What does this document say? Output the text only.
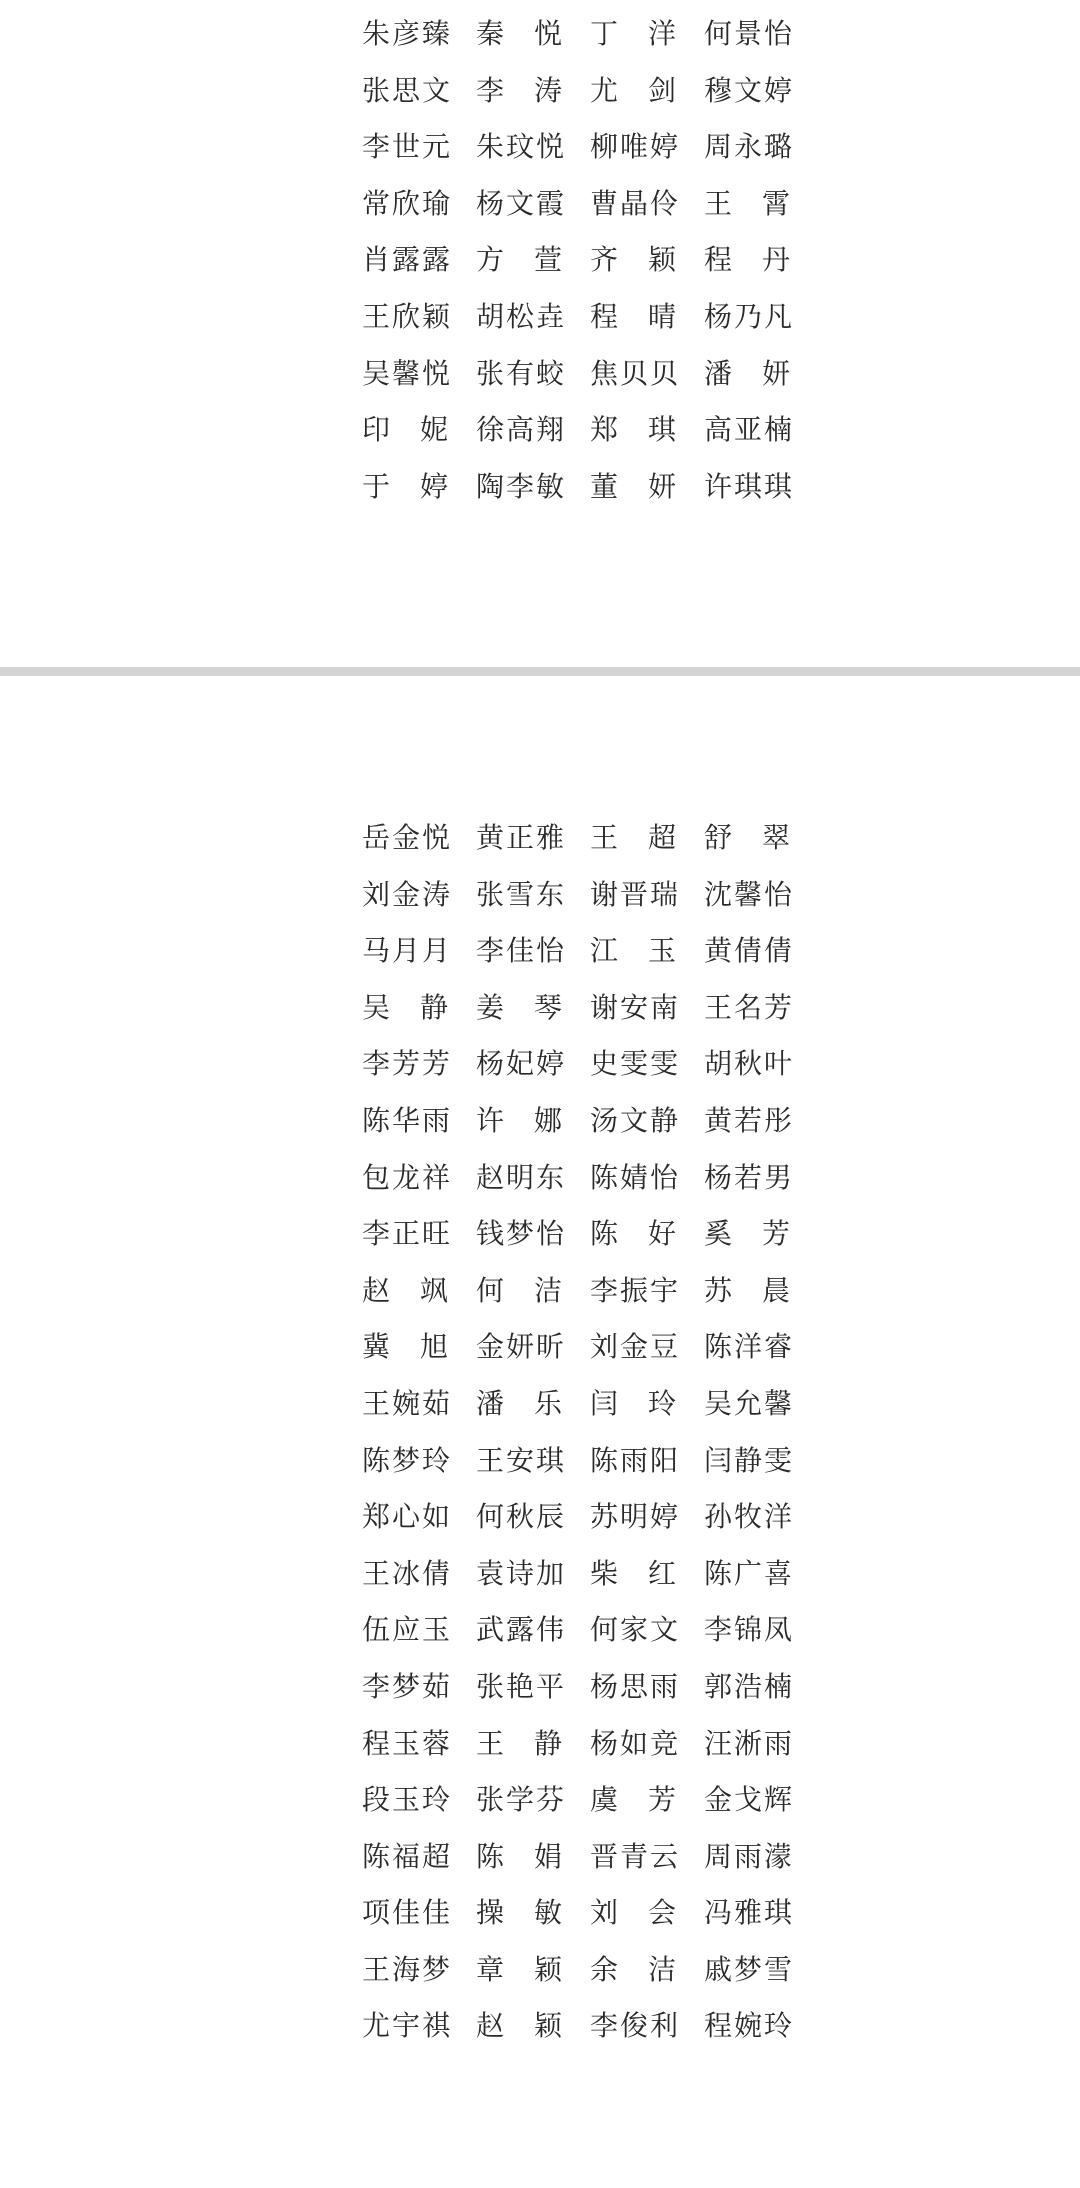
朱彦臻 秦 悦 丁 洋 何景怡
张思文 李 涛 尤 剑 穆文婷
李世元 朱玟悦 柳唯婷 周永璐
常欣瑜 杨文霞 曹晶伶 王 霄
肖露露 方 萱 齐 颖 程 丹
王欣颖 胡松垚 程 晴 杨乃凡
吴馨悦 张有蛟 焦贝贝 潘 妍
印 妮 徐高翔 郑 琪 高亚楠
于 婷 陶李敏 董 妍 许琪琪
岳金悦 黄正雅 王 超 舒 翠
刘金涛 张雪东 谢晋瑞 沈馨怡
马月月 李佳怡 江 玉 黄倩倩
吴 静 姜 琴 谢安南 王名芳
李芳芳 杨妃婷 史雯雯 胡秋叶
陈华雨 许 娜 汤文静 黄若彤
包龙祥 赵明东 陈婧怡 杨若男
李正旺 钱梦怡 陈 好 奚 芳
赵 飒 何 洁 李振宇 苏 晨
冀 旭 金妍昕 刘金豆 陈洋睿
王婉茹 潘 乐 闫 玲 吴允馨
陈梦玲 王安琪 陈雨阳 闫静雯
郑心如 何秋辰 苏明婷 孙牧洋
王冰倩 袁诗加 柴 红 陈广喜
伍应玉 武露伟 何家文 李锦凤
李梦茹 张艳平 杨思雨 郭浩楠
程玉蓉 王 静 杨如竞 汪淅雨
段玉玲 张学芬 虞 芳 金戈辉
陈福超 陈 娟 晋青云 周雨濛
项佳佳 操 敏 刘 会 冯雅琪
王海梦 章 颖 余 洁 戚梦雪
尤宇祺 赵 颖 李俊利 程婉玲
